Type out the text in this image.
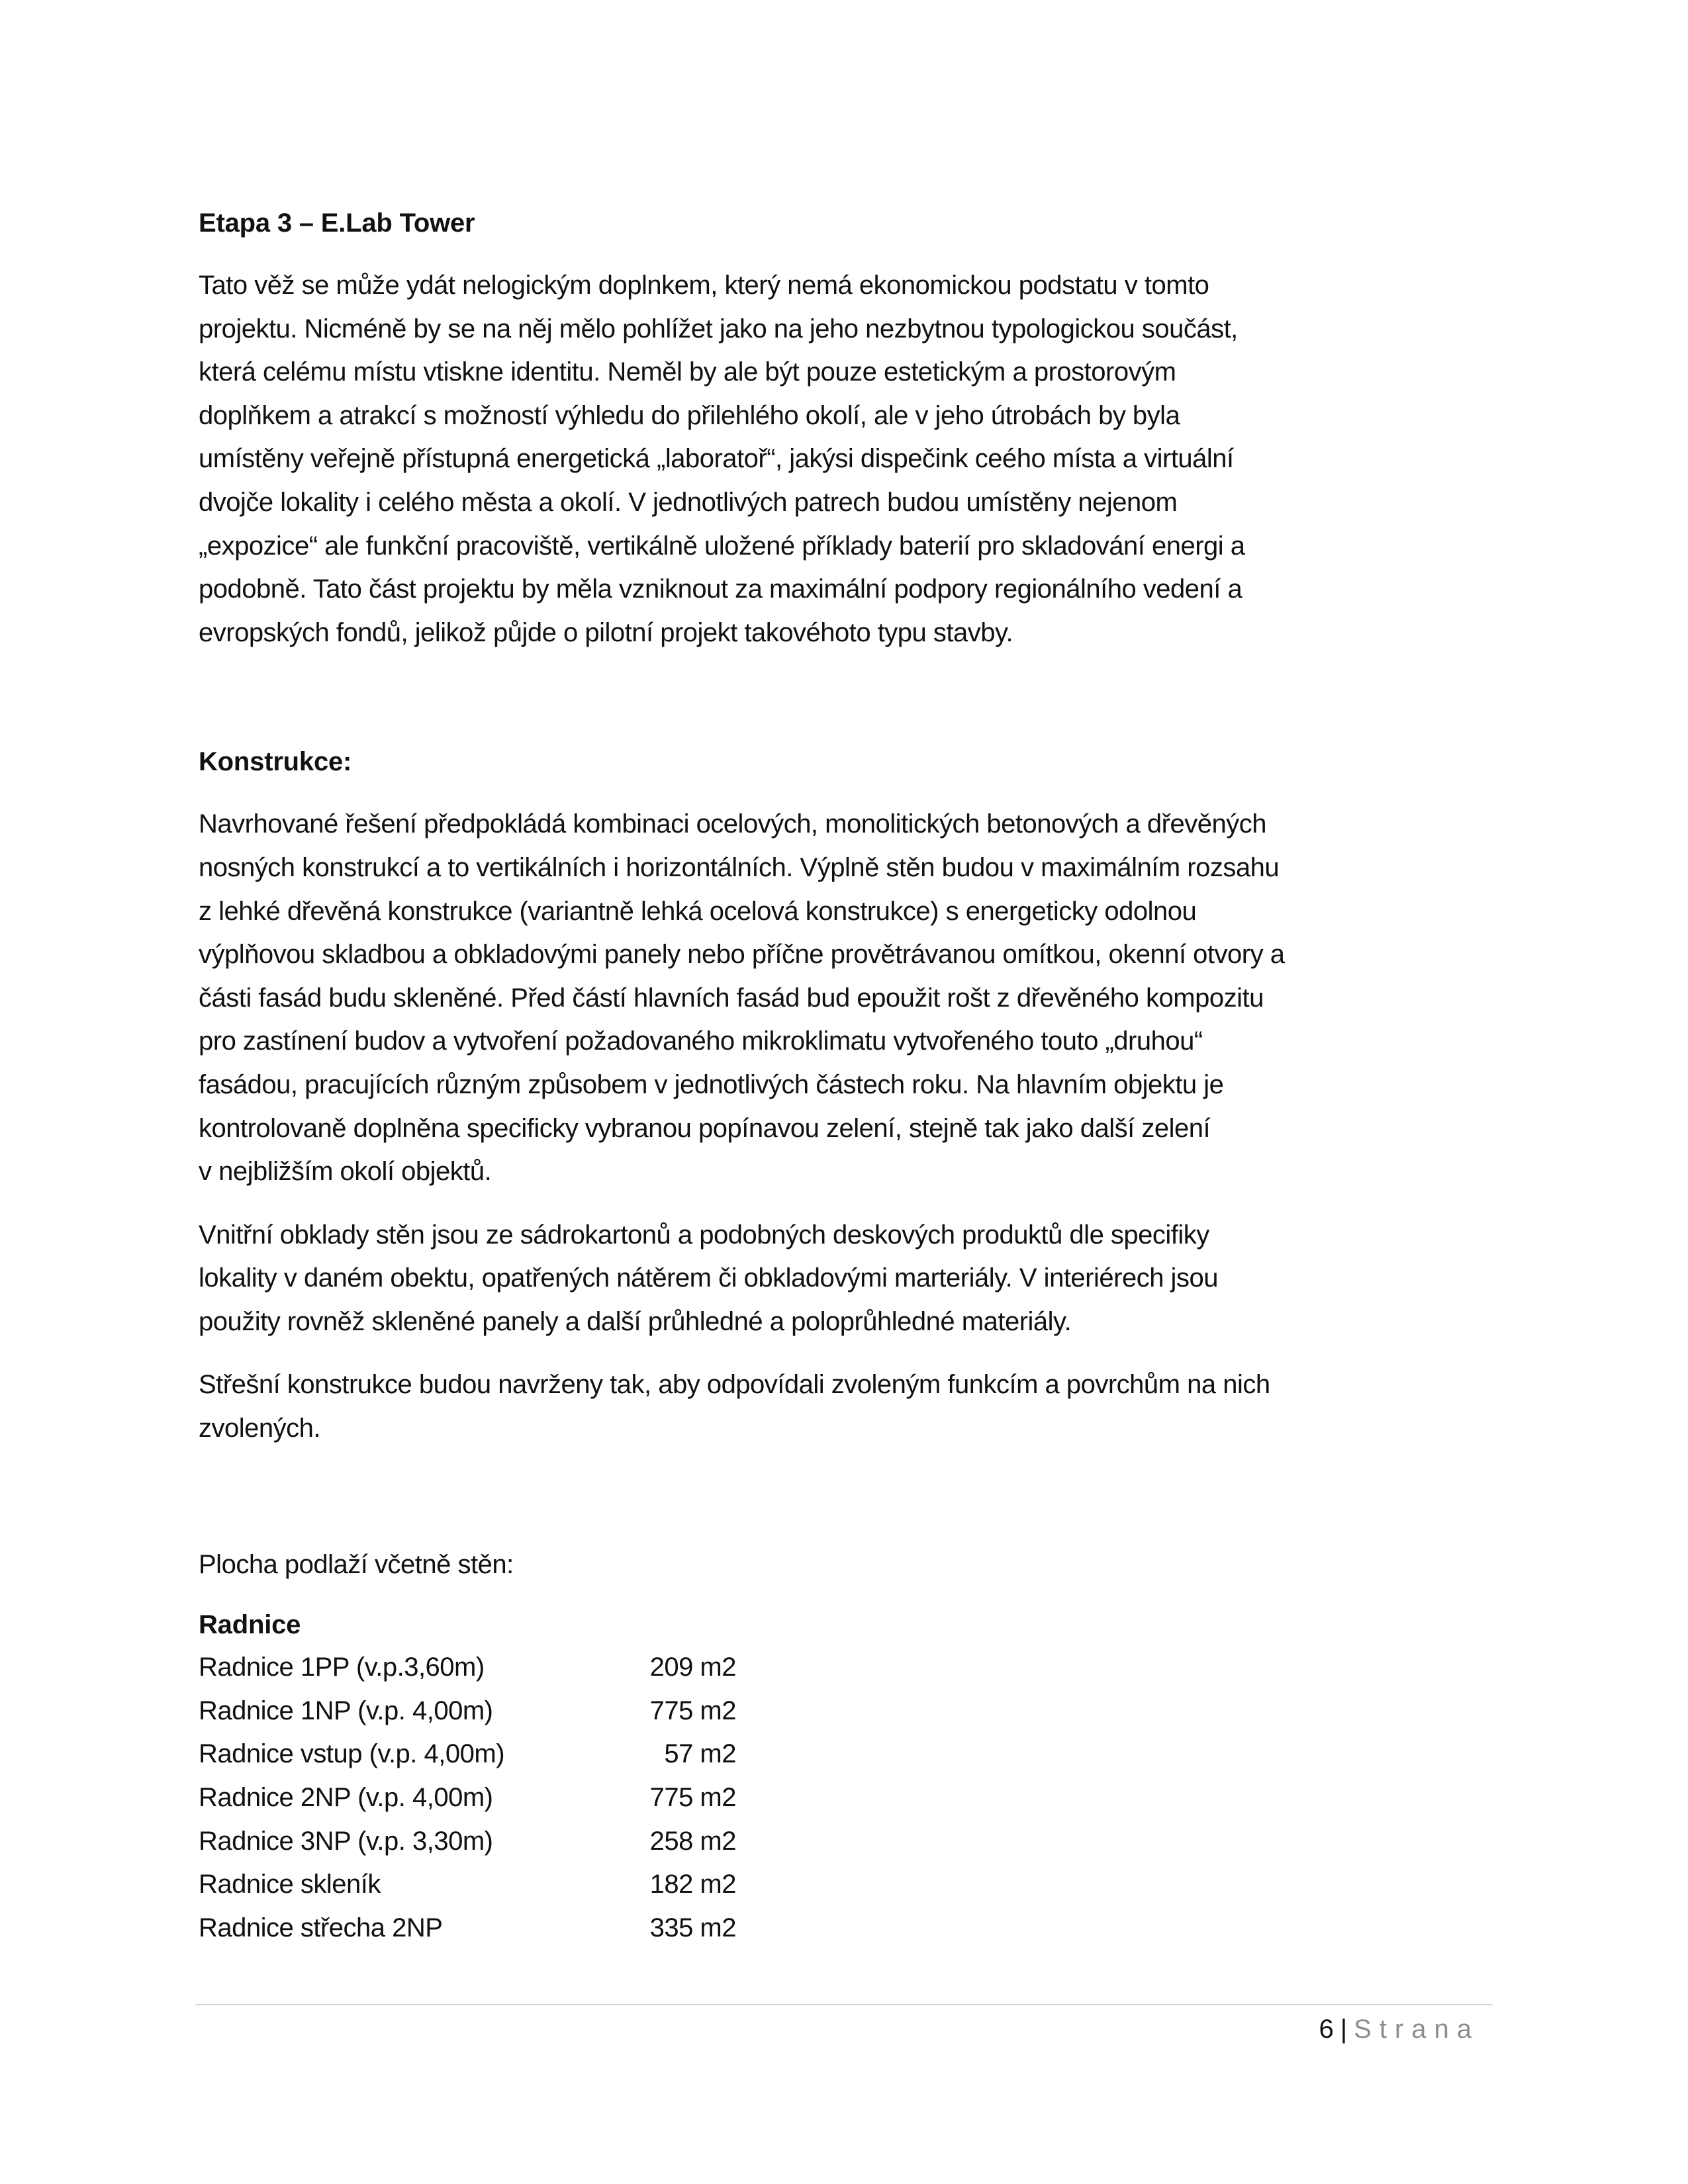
Etapa 3 – E.Lab Tower

Tato věž se může ydát nelogickým doplnkem, který nemá ekonomickou podstatu v tomto
projektu. Nicméně by se na něj mělo pohlížet jako na jeho nezbytnou typologickou součást,
která celému místu vtiskne identitu. Neměl by ale být pouze estetickým a prostorovým
doplňkem a atrakcí s možností výhledu do přilehlého okolí, ale v jeho útrobách by byla
umístěny veřejně přístupná energetická „laboratoř“, jakýsi dispečink ceého místa a virtuální
dvojče lokality i celého města a okolí. V jednotlivých patrech budou umístěny nejenom
„expozice“ ale funkční pracoviště, vertikálně uložené příklady baterií pro skladování energi a
podobně. Tato část projektu by měla vzniknout za maximální podpory regionálního vedení a
evropských fondů, jelikož půjde o pilotní projekt takovéhoto typu stavby.

Konstrukce:

Navrhované řešení předpokládá kombinaci ocelových, monolitických betonových a dřevěných
nosných konstrukcí a to vertikálních i horizontálních. Výplně stěn budou v maximálním rozsahu
z lehké dřevěná konstrukce (variantně lehká ocelová konstrukce) s energeticky odolnou
výplňovou skladbou a obkladovými panely nebo příčne provětrávanou omítkou, okenní otvory a
části fasád budu skleněné. Před částí hlavních fasád bud epoužit rošt z dřevěného kompozitu
pro zastínení budov a vytvoření požadovaného mikroklimatu vytvořeného touto „druhou“
fasádou, pracujících různým způsobem v jednotlivých částech roku. Na hlavním objektu je
kontrolovaně doplněna specificky vybranou popínavou zelení, stejně tak jako další zelení
v nejbližším okolí objektů.

Vnitřní obklady stěn jsou ze sádrokartonů a podobných deskových produktů dle specifiky
lokality v daném obektu, opatřených nátěrem či obkladovými marteriály. V interiérech jsou
použity rovněž skleněné panely a další průhledné a poloprůhledné materiály.

Střešní konstrukce budou navrženy tak, aby odpovídali zvoleným funkcím a povrchům na nich
zvolených.

Plocha podlaží včetně stěn:

Radnice

Radnice 1PP (v.p.3,60m)	209 m2
Radnice 1NP (v.p. 4,00m)	775 m2
Radnice vstup (v.p. 4,00m)	57 m2
Radnice 2NP (v.p. 4,00m)	775 m2
Radnice 3NP (v.p. 3,30m)	258 m2
Radnice skleník	182 m2
Radnice střecha 2NP	335 m2
6 | Strana
